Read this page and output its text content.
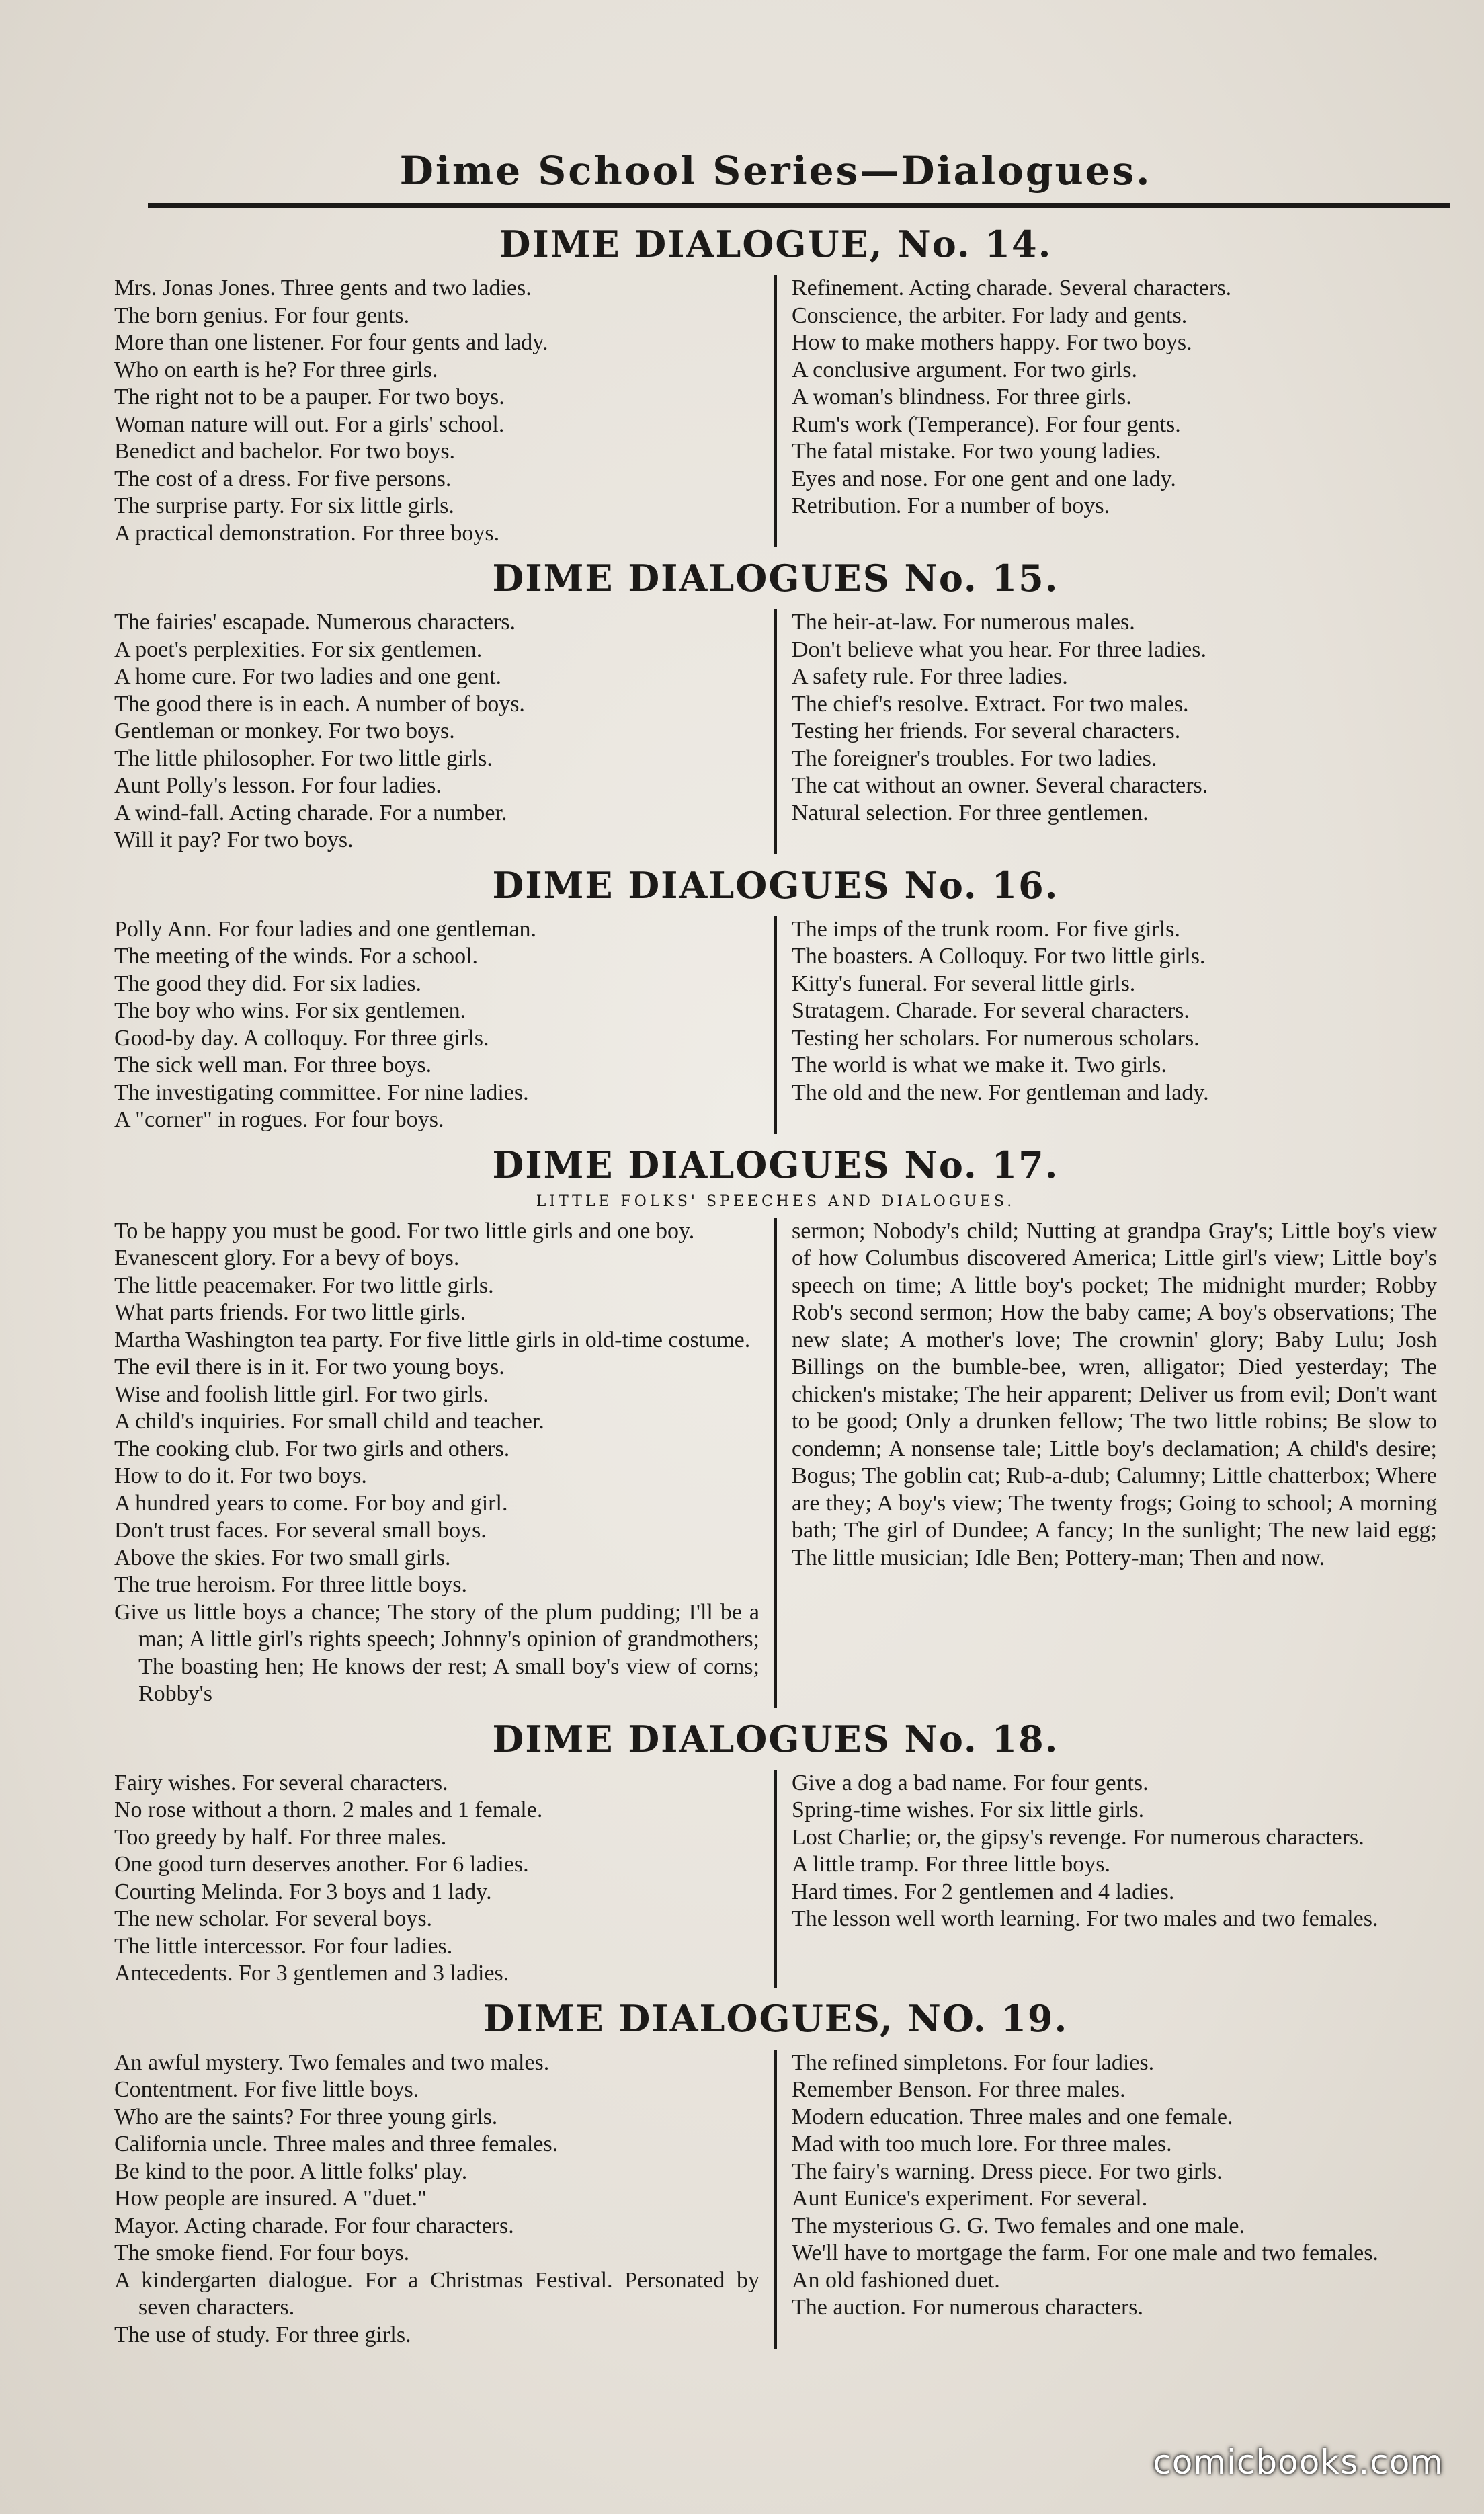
Dime School Series—Dialogues.
DIME DIALOGUE, No. 14.
Mrs. Jonas Jones. Three gents and two ladies.
The born genius. For four gents.
More than one listener. For four gents and lady.
Who on earth is he? For three girls.
The right not to be a pauper. For two boys.
Woman nature will out. For a girls' school.
Benedict and bachelor. For two boys.
The cost of a dress. For five persons.
The surprise party. For six little girls.
A practical demonstration. For three boys.
Refinement. Acting charade. Several characters.
Conscience, the arbiter. For lady and gents.
How to make mothers happy. For two boys.
A conclusive argument. For two girls.
A woman's blindness. For three girls.
Rum's work (Temperance). For four gents.
The fatal mistake. For two young ladies.
Eyes and nose. For one gent and one lady.
Retribution. For a number of boys.
DIME DIALOGUES No. 15.
The fairies' escapade. Numerous characters.
A poet's perplexities. For six gentlemen.
A home cure. For two ladies and one gent.
The good there is in each. A number of boys.
Gentleman or monkey. For two boys.
The little philosopher. For two little girls.
Aunt Polly's lesson. For four ladies.
A wind-fall. Acting charade. For a number.
Will it pay? For two boys.
The heir-at-law. For numerous males.
Don't believe what you hear. For three ladies.
A safety rule. For three ladies.
The chief's resolve. Extract. For two males.
Testing her friends. For several characters.
The foreigner's troubles. For two ladies.
The cat without an owner. Several characters.
Natural selection. For three gentlemen.
DIME DIALOGUES No. 16.
Polly Ann. For four ladies and one gentleman.
The meeting of the winds. For a school.
The good they did. For six ladies.
The boy who wins. For six gentlemen.
Good-by day. A colloquy. For three girls.
The sick well man. For three boys.
The investigating committee. For nine ladies.
A "corner" in rogues. For four boys.
The imps of the trunk room. For five girls.
The boasters. A Colloquy. For two little girls.
Kitty's funeral. For several little girls.
Stratagem. Charade. For several characters.
Testing her scholars. For numerous scholars.
The world is what we make it. Two girls.
The old and the new. For gentleman and lady.
DIME DIALOGUES No. 17.
LITTLE FOLKS' SPEECHES AND DIALOGUES.
To be happy you must be good. For two little girls and one boy.
Evanescent glory. For a bevy of boys.
The little peacemaker. For two little girls.
What parts friends. For two little girls.
Martha Washington tea party. For five little girls in old-time costume.
The evil there is in it. For two young boys.
Wise and foolish little girl. For two girls.
A child's inquiries. For small child and teacher.
The cooking club. For two girls and others.
How to do it. For two boys.
A hundred years to come. For boy and girl.
Don't trust faces. For several small boys.
Above the skies. For two small girls.
The true heroism. For three little boys.
Give us little boys a chance; The story of the plum pudding; I'll be a man; A little girl's rights speech; Johnny's opinion of grandmothers; The boasting hen; He knows der rest; A small boy's view of corns; Robby's
sermon; Nobody's child; Nutting at grandpa Gray's; Little boy's view of how Columbus discovered America; Little girl's view; Little boy's speech on time; A little boy's pocket; The midnight murder; Robby Rob's second sermon; How the baby came; A boy's observations; The new slate; A mother's love; The crownin' glory; Baby Lulu; Josh Billings on the bumble-bee, wren, alligator; Died yesterday; The chicken's mistake; The heir apparent; Deliver us from evil; Don't want to be good; Only a drunken fellow; The two little robins; Be slow to condemn; A nonsense tale; Little boy's declamation; A child's desire; Bogus; The goblin cat; Rub-a-dub; Calumny; Little chatterbox; Where are they; A boy's view; The twenty frogs; Going to school; A morning bath; The girl of Dundee; A fancy; In the sunlight; The new laid egg; The little musician; Idle Ben; Pottery-man; Then and now.
DIME DIALOGUES No. 18.
Fairy wishes. For several characters.
No rose without a thorn. 2 males and 1 female.
Too greedy by half. For three males.
One good turn deserves another. For 6 ladies.
Courting Melinda. For 3 boys and 1 lady.
The new scholar. For several boys.
The little intercessor. For four ladies.
Antecedents. For 3 gentlemen and 3 ladies.
Give a dog a bad name. For four gents.
Spring-time wishes. For six little girls.
Lost Charlie; or, the gipsy's revenge. For numerous characters.
A little tramp. For three little boys.
Hard times. For 2 gentlemen and 4 ladies.
The lesson well worth learning. For two males and two females.
DIME DIALOGUES, NO. 19.
An awful mystery. Two females and two males.
Contentment. For five little boys.
Who are the saints? For three young girls.
California uncle. Three males and three females.
Be kind to the poor. A little folks' play.
How people are insured. A "duet."
Mayor. Acting charade. For four characters.
The smoke fiend. For four boys.
A kindergarten dialogue. For a Christmas Festival. Personated by seven characters.
The use of study. For three girls.
The refined simpletons. For four ladies.
Remember Benson. For three males.
Modern education. Three males and one female.
Mad with too much lore. For three males.
The fairy's warning. Dress piece. For two girls.
Aunt Eunice's experiment. For several.
The mysterious G. G. Two females and one male.
We'll have to mortgage the farm. For one male and two females.
An old fashioned duet.
The auction. For numerous characters.
comicbooks.com
